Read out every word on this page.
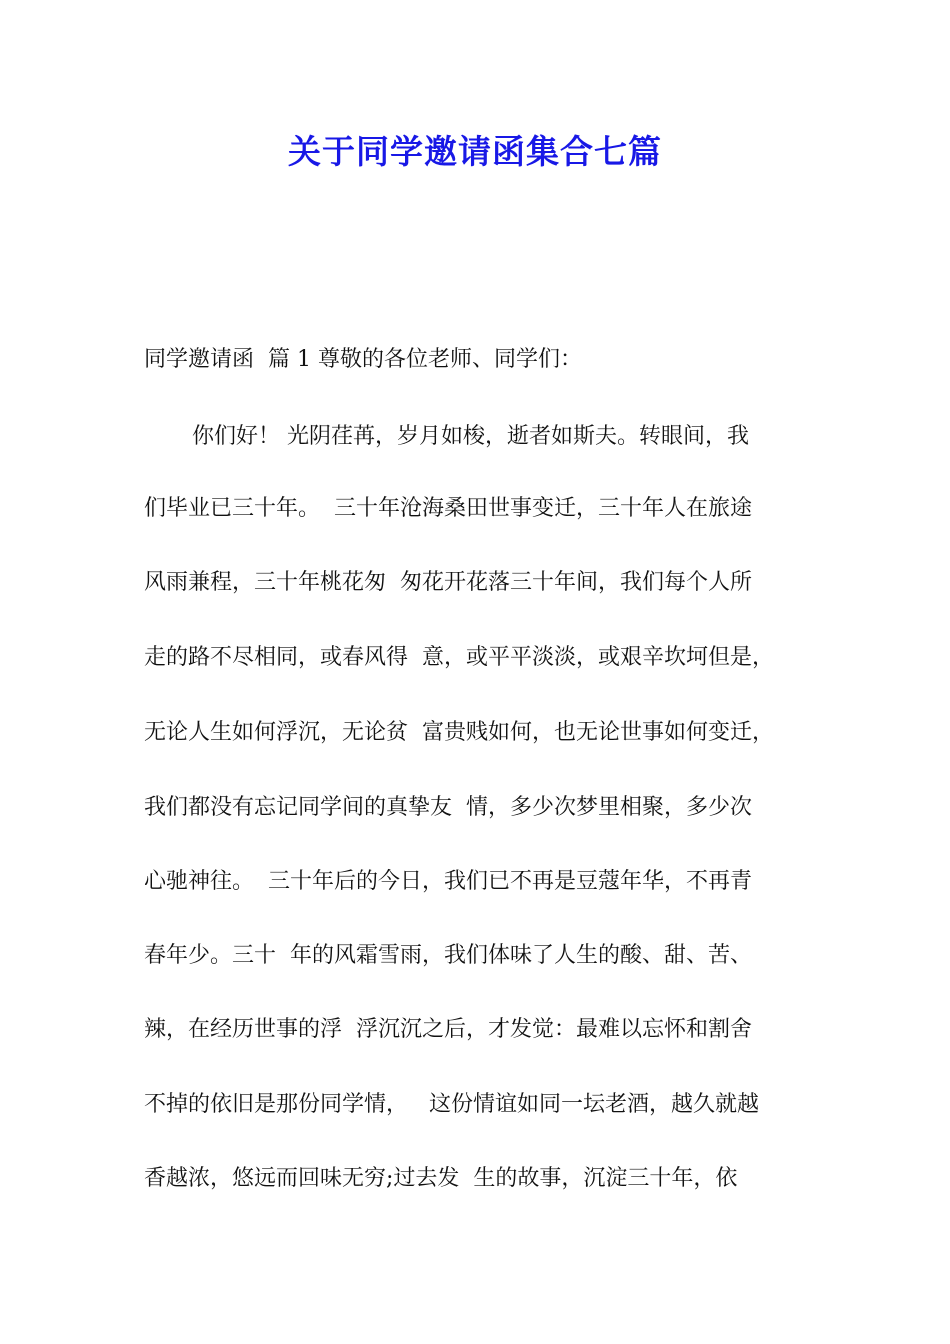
关于同学邀请函集合七篇

同学邀请函  篇 1 尊敬的各位老师、同学们：

你们好！ 光阴荏苒，岁月如梭，逝者如斯夫。转眼间，我

们毕业已三十年。  三十年沧海桑田世事变迁，三十年人在旅途

风雨兼程，三十年桃花匆  匆花开花落三十年间，我们每个人所

走的路不尽相同，或春风得  意，或平平淡淡，或艰辛坎坷但是，

无论人生如何浮沉，无论贫  富贵贱如何，也无论世事如何变迁，

我们都没有忘记同学间的真挚友  情，多少次梦里相聚，多少次

心驰神往。  三十年后的今日，我们已不再是豆蔻年华，不再青

春年少。三十  年的风霜雪雨，我们体味了人生的酸、甜、苦、

辣，在经历世事的浮  浮沉沉之后，才发觉：最难以忘怀和割舍

不掉的依旧是那份同学情，   这份情谊如同一坛老酒，越久就越

香越浓，悠远而回味无穷;过去发  生的故事，沉淀三十年，依
